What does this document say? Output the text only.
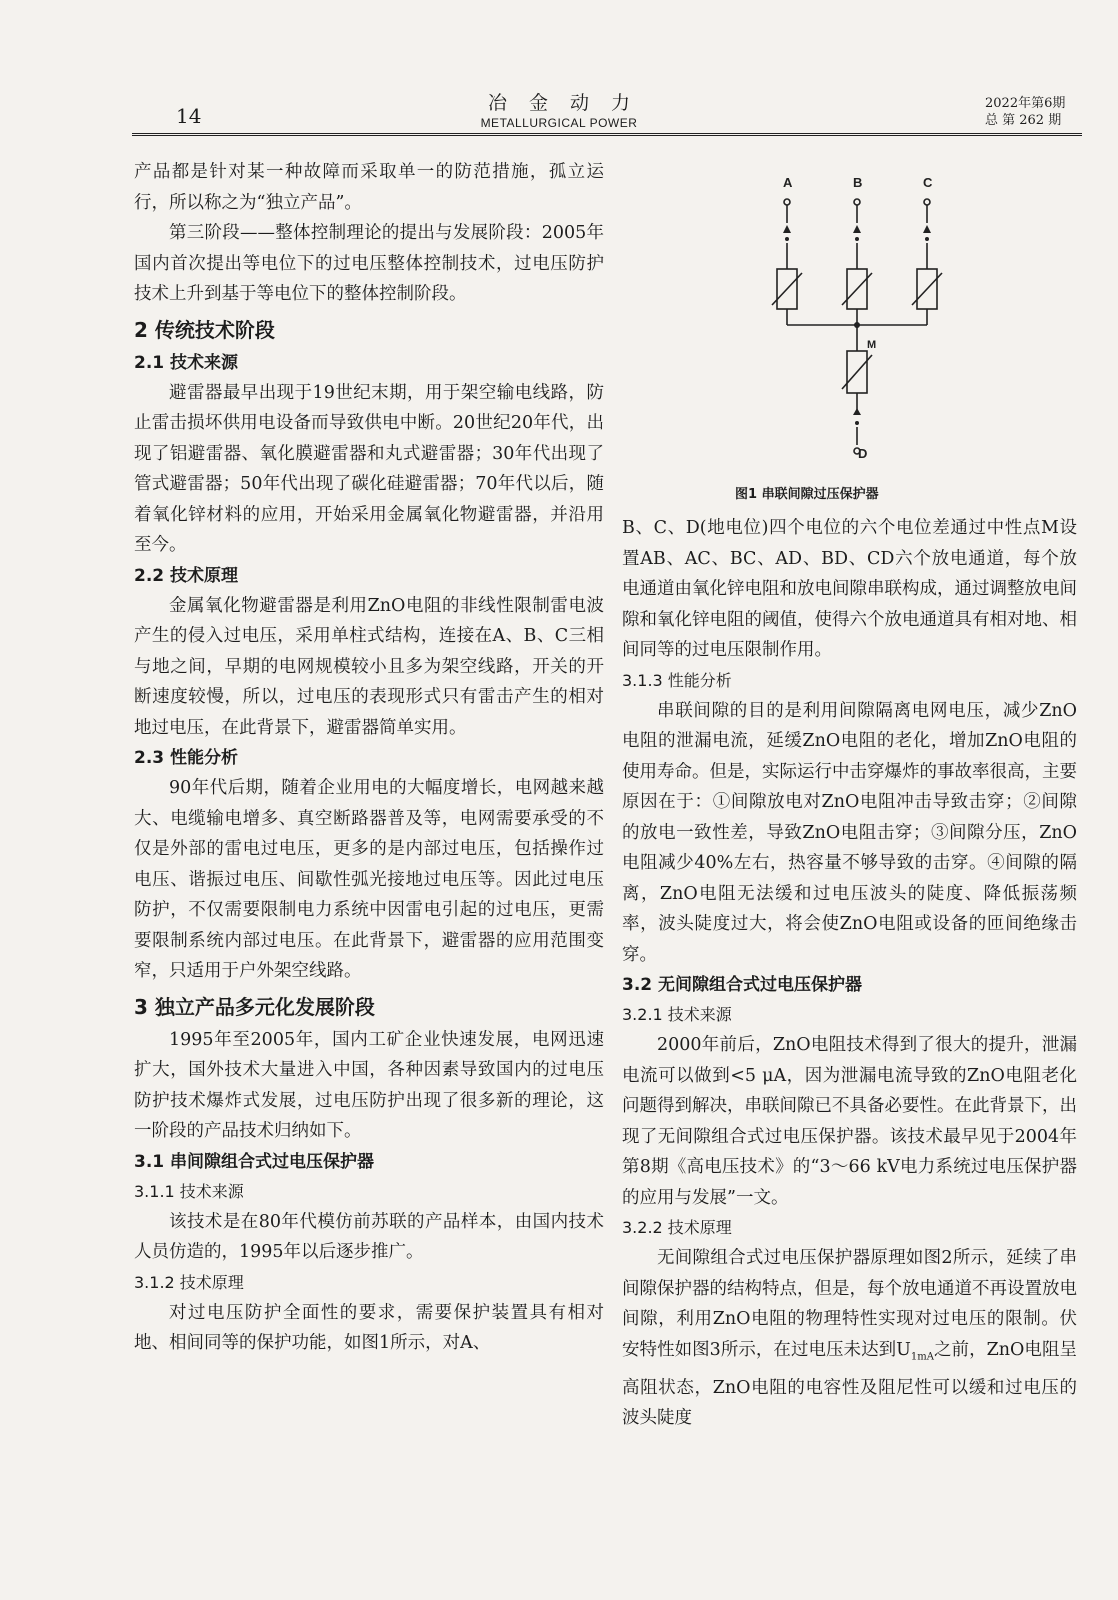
14
冶金动力
METALLURGICAL POWER
2022年第6期
总 第 262 期

产品都是针对某一种故障而采取单一的防范措施，孤立运行，所以称之为“独立产品”。

第三阶段——整体控制理论的提出与发展阶段：2005年国内首次提出等电位下的过电压整体控制技术，过电压防护技术上升到基于等电位下的整体控制阶段。

2 传统技术阶段
2.1 技术来源

避雷器最早出现于19世纪末期，用于架空输电线路，防止雷击损坏供用电设备而导致供电中断。20世纪20年代，出现了铝避雷器、氧化膜避雷器和丸式避雷器；30年代出现了管式避雷器；50年代出现了碳化硅避雷器；70年代以后，随着氧化锌材料的应用，开始采用金属氧化物避雷器，并沿用至今。

2.2 技术原理

金属氧化物避雷器是利用ZnO电阻的非线性限制雷电波产生的侵入过电压，采用单柱式结构，连接在A、B、C三相与地之间，早期的电网规模较小且多为架空线路，开关的开断速度较慢，所以，过电压的表现形式只有雷击产生的相对地过电压，在此背景下，避雷器简单实用。

2.3 性能分析

90年代后期，随着企业用电的大幅度增长，电网越来越大、电缆输电增多、真空断路器普及等，电网需要承受的不仅是外部的雷电过电压，更多的是内部过电压，包括操作过电压、谐振过电压、间歇性弧光接地过电压等。因此过电压防护，不仅需要限制电力系统中因雷电引起的过电压，更需要限制系统内部过电压。在此背景下，避雷器的应用范围变窄，只适用于户外架空线路。

3 独立产品多元化发展阶段

1995年至2005年，国内工矿企业快速发展，电网迅速扩大，国外技术大量进入中国，各种因素导致国内的过电压防护技术爆炸式发展，过电压防护出现了很多新的理论，这一阶段的产品技术归纳如下。

3.1 串间隙组合式过电压保护器
3.1.1 技术来源

该技术是在80年代模仿前苏联的产品样本，由国内技术人员仿造的，1995年以后逐步推广。

3.1.2 技术原理

对过电压防护全面性的要求，需要保护装置具有相对地、相间同等的保护功能，如图1所示，对A、

A	B	C
M
D
图1 串联间隙过压保护器

B、C、D(地电位)四个电位的六个电位差通过中性点M设置AB、AC、BC、AD、BD、CD六个放电通道，每个放电通道由氧化锌电阻和放电间隙串联构成，通过调整放电间隙和氧化锌电阻的阈值，使得六个放电通道具有相对地、相间同等的过电压限制作用。

3.1.3 性能分析

串联间隙的目的是利用间隙隔离电网电压，减少ZnO电阻的泄漏电流，延缓ZnO电阻的老化，增加ZnO电阻的使用寿命。但是，实际运行中击穿爆炸的事故率很高，主要原因在于：①间隙放电对ZnO电阻冲击导致击穿；②间隙的放电一致性差，导致ZnO电阻击穿；③间隙分压，ZnO电阻减少40%左右，热容量不够导致的击穿。④间隙的隔离，ZnO电阻无法缓和过电压波头的陡度、降低振荡频率，波头陡度过大，将会使ZnO电阻或设备的匝间绝缘击穿。

3.2 无间隙组合式过电压保护器
3.2.1 技术来源

2000年前后，ZnO电阻技术得到了很大的提升，泄漏电流可以做到<5 μA，因为泄漏电流导致的ZnO电阻老化问题得到解决，串联间隙已不具备必要性。在此背景下，出现了无间隙组合式过电压保护器。该技术最早见于2004年第8期《高电压技术》的“3～66 kV电力系统过电压保护器的应用与发展”一文。

3.2.2 技术原理

无间隙组合式过电压保护器原理如图2所示，延续了串间隙保护器的结构特点，但是，每个放电通道不再设置放电间隙，利用ZnO电阻的物理特性实现对过电压的限制。伏安特性如图3所示，在过电压未达到$U_{1mA}$之前，ZnO电阻呈高阻状态，ZnO电阻的电容性及阻尼性可以缓和过电压的波头陡度
